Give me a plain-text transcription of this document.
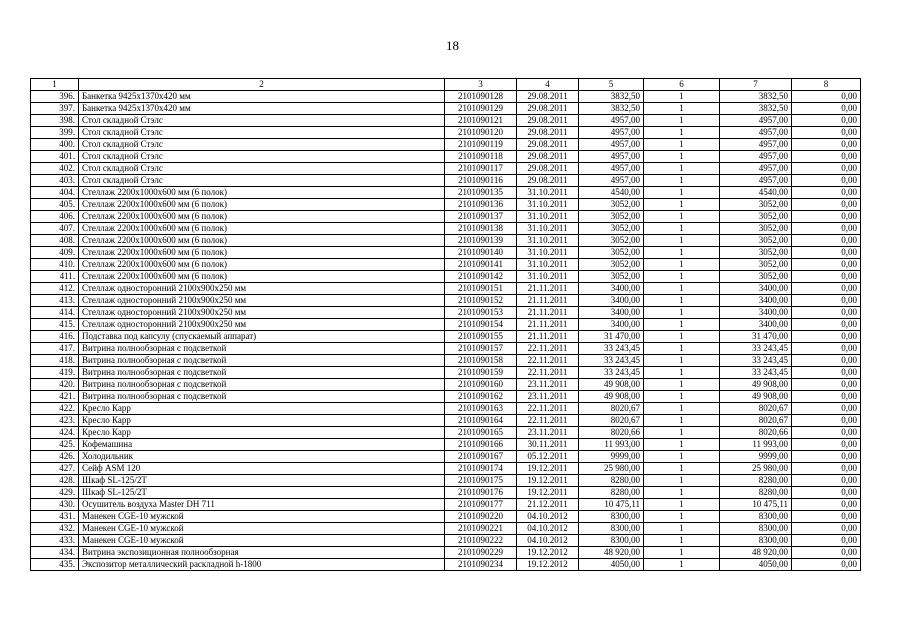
18
1	2	3	4	5	6	7	8
396.	Банкетка 9425х1370х420 мм	2101090128	29.08.2011	3832,50	1	3832,50	0,00
397.	Банкетка 9425х1370х420 мм	2101090129	29.08.2011	3832,50	1	3832,50	0,00
398.	Стол складной Стэлс	2101090121	29.08.2011	4957,00	1	4957,00	0,00
399.	Стол складной Стэлс	2101090120	29.08.2011	4957,00	1	4957,00	0,00
400.	Стол складной Стэлс	2101090119	29.08.2011	4957,00	1	4957,00	0,00
401.	Стол складной Стэлс	2101090118	29.08.2011	4957,00	1	4957,00	0,00
402.	Стол складной Стэлс	2101090117	29.08.2011	4957,00	1	4957,00	0,00
403.	Стол складной Стэлс	2101090116	29.08.2011	4957,00	1	4957,00	0,00
404.	Стеллаж 2200х1000х600 мм (6 полок)	2101090135	31.10.2011	4540,00	1	4540,00	0,00
405.	Стеллаж 2200х1000х600 мм (6 полок)	2101090136	31.10.2011	3052,00	1	3052,00	0,00
406.	Стеллаж 2200х1000х600 мм (6 полок)	2101090137	31.10.2011	3052,00	1	3052,00	0,00
407.	Стеллаж 2200х1000х600 мм (6 полок)	2101090138	31.10.2011	3052,00	1	3052,00	0,00
408.	Стеллаж 2200х1000х600 мм (6 полок)	2101090139	31.10.2011	3052,00	1	3052,00	0,00
409.	Стеллаж 2200х1000х600 мм (6 полок)	2101090140	31.10.2011	3052,00	1	3052,00	0,00
410.	Стеллаж 2200х1000х600 мм (6 полок)	2101090141	31.10.2011	3052,00	1	3052,00	0,00
411.	Стеллаж 2200х1000х600 мм (6 полок)	2101090142	31.10.2011	3052,00	1	3052,00	0,00
412.	Стеллаж односторонний 2100х900х250 мм	2101090151	21.11.2011	3400,00	1	3400,00	0,00
413.	Стеллаж односторонний 2100х900х250 мм	2101090152	21.11.2011	3400,00	1	3400,00	0,00
414.	Стеллаж односторонний 2100х900х250 мм	2101090153	21.11.2011	3400,00	1	3400,00	0,00
415.	Стеллаж односторонний 2100х900х250 мм	2101090154	21.11.2011	3400,00	1	3400,00	0,00
416.	Подставка под капсулу (спускаемый аппарат)	2101090155	21.11.2011	31 470,00	1	31 470,00	0,00
417.	Витрина полнообзорная с подсветкой	2101090157	22.11.2011	33 243,45	1	33 243,45	0,00
418.	Витрина полнообзорная с подсветкой	2101090158	22.11.2011	33 243,45	1	33 243,45	0,00
419.	Витрина полнообзорная с подсветкой	2101090159	22.11.2011	33 243,45	1	33 243,45	0,00
420.	Витрина полнообзорная с подсветкой	2101090160	23.11.2011	49 908,00	1	49 908,00	0,00
421.	Витрина полнообзорная с подсветкой	2101090162	23.11.2011	49 908,00	1	49 908,00	0,00
422.	Кресло Карр	2101090163	22.11.2011	8020,67	1	8020,67	0,00
423.	Кресло Карр	2101090164	22.11.2011	8020,67	1	8020,67	0,00
424.	Кресло Карр	2101090165	23.11.2011	8020,66	1	8020,66	0,00
425.	Кофемашина	2101090166	30.11.2011	11 993,00	1	11 993,00	0,00
426.	Холодильник	2101090167	05.12.2011	9999,00	1	9999,00	0,00
427.	Сейф ASM 120	2101090174	19.12.2011	25 980,00	1	25 980,00	0,00
428.	Шкаф SL-125/2T	2101090175	19.12.2011	8280,00	1	8280,00	0,00
429.	Шкаф SL-125/2T	2101090176	19.12.2011	8280,00	1	8280,00	0,00
430.	Осушитель воздуха Master DH 711	2101090177	21.12.2011	10 475,11	1	10 475,11	0,00
431.	Манекен CGE-10 мужской	2101090220	04.10.2012	8300,00	1	8300,00	0,00
432.	Манекен CGE-10 мужской	2101090221	04.10.2012	8300,00	1	8300,00	0,00
433.	Манекен CGE-10 мужской	2101090222	04.10.2012	8300,00	1	8300,00	0,00
434.	Витрина экспозиционная полнообзорная	2101090229	19.12.2012	48 920,00	1	48 920,00	0,00
435.	Экспозитор металлический раскладной h-1800	2101090234	19.12.2012	4050,00	1	4050,00	0,00
